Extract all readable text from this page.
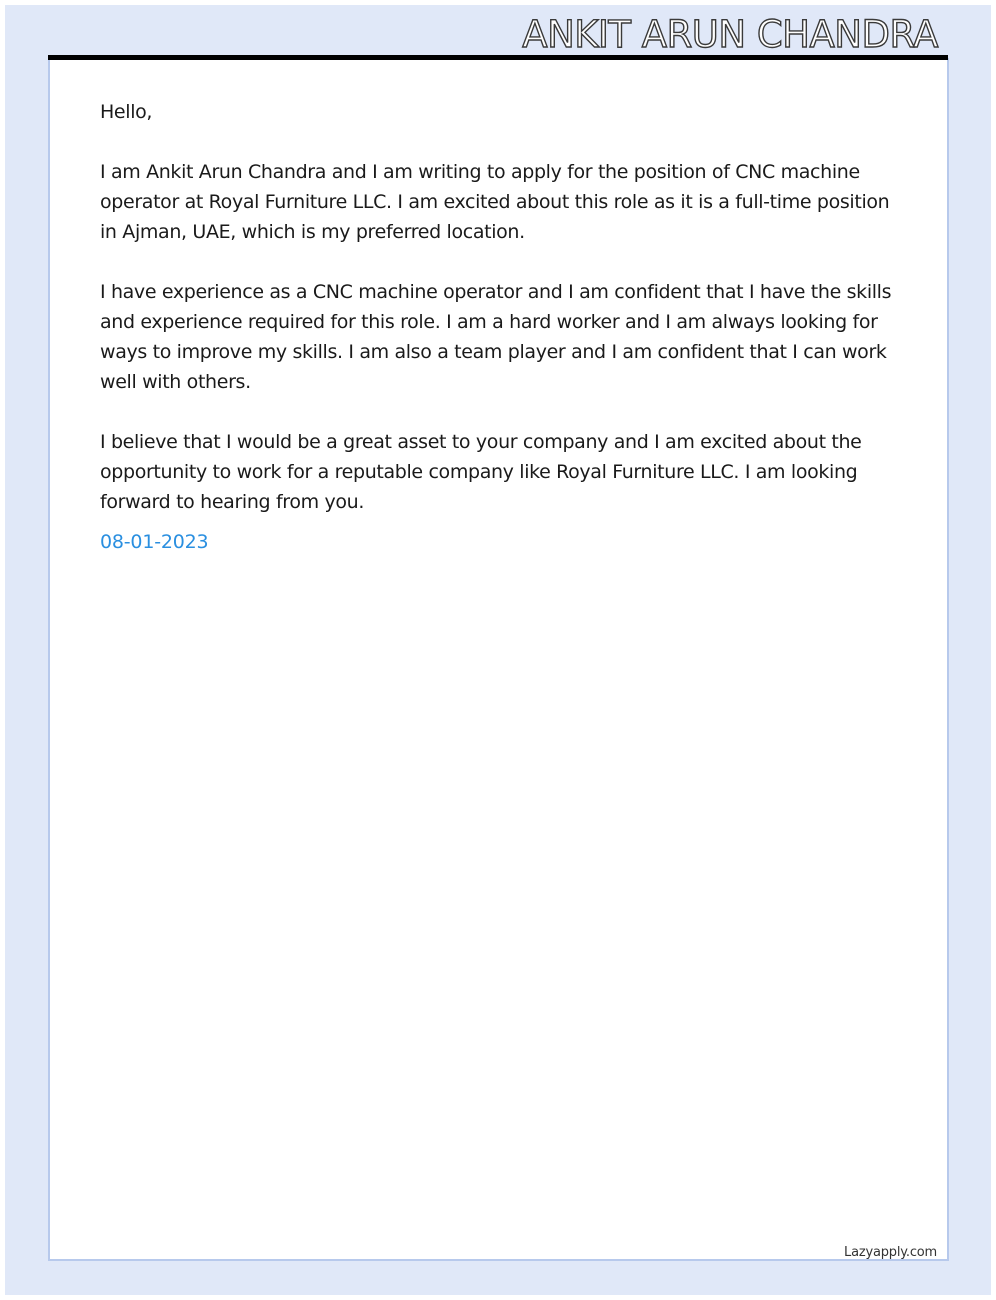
ANKIT ARUN CHANDRA

Hello,

I am Ankit Arun Chandra and I am writing to apply for the position of CNC machine operator at Royal Furniture LLC. I am excited about this role as it is a full-time position in Ajman, UAE, which is my preferred location.

I have experience as a CNC machine operator and I am confident that I have the skills and experience required for this role. I am a hard worker and I am always looking for ways to improve my skills. I am also a team player and I am confident that I can work well with others.

I believe that I would be a great asset to your company and I am excited about the opportunity to work for a reputable company like Royal Furniture LLC. I am looking forward to hearing from you.

08-01-2023
Lazyapply.com
